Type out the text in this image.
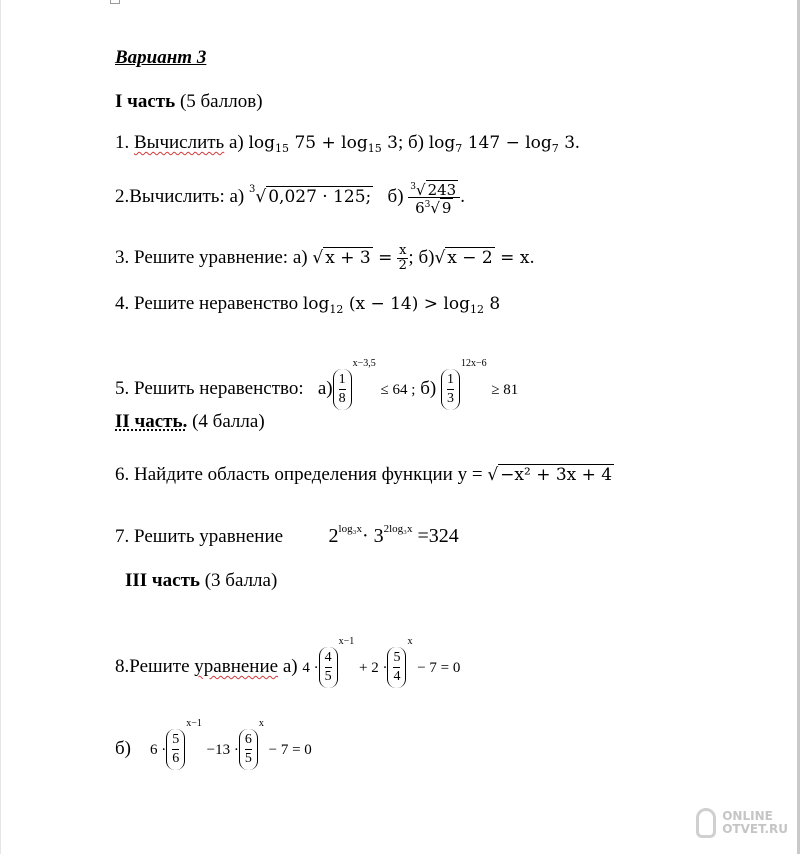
Вариант 3
I часть (5 баллов)
1. Вычислить а) $\log_{15} 75 + \log_{15} 3$; б) $\log_7 147 - \log_7 3$.
2.Вычислить: а) $^3$√ 0,027 · 125; $б) \frac{^3√ 243}{6^3√ 9}$ .
3. Решите уравнение: а) √ $x + 3 = \frac{x}{2}$ ; б)√ x − 2 = x.
4. Решите неравенство $\log_{12} (x - 14) > \log_{12} 8$
5. Решить неравенство: $а) \frac{1}{8}$
$^{x-3,5}$ ≤ 64 ; $б) \frac{1}{3}$
$^{12x-6}$ ≥ 81
II часть. (4 балла)
6. Найдите область определения функции y = √ −x² + 3x + 4
7. Решить уравнение $2^{log_3x}\cdot 3^{2log_3x} =324$
III часть (3 балла)
8.Решите уравнение а) $4 \cdot \frac{4}{5}$
$^{x-1} + 2 \cdot \frac{5}{4}$
$^x$ − 7 = 0
б) $6 \cdot \frac{5}{6}$
$^{x-1} -13 \cdot \frac{6}{5}$
$^x$ − 7 = 0
ONLINE
OTVET.RU
